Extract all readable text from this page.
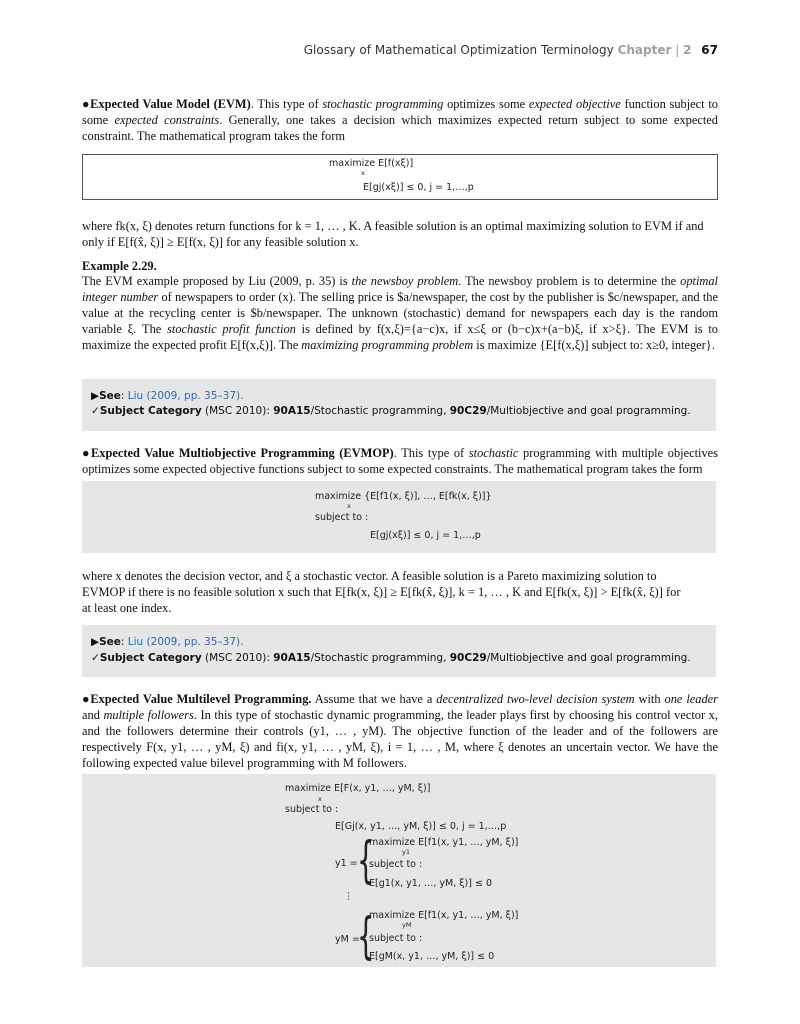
Glossary of Mathematical Optimization Terminology Chapter | 2 67
●Expected Value Model (EVM). This type of stochastic programming optimizes some expected objective function subject to some expected constraints. Generally, one takes a decision which maximizes expected return subject to some expected constraint. The mathematical program takes the form
maximize E[f(xξ)]
x
E[gj(xξ)] ≤ 0, j = 1,…,p
where fk(x, ξ) denotes return functions for k = 1, … , K. A feasible solution is an optimal maximizing solution to EVM if and
only if E[f(x̂, ξ)] ≥ E[f(x, ξ)] for any feasible solution x.
Example 2.29.
The EVM example proposed by Liu (2009, p. 35) is the newsboy problem. The newsboy problem is to determine the optimal integer number of newspapers to order (x). The selling price is $a/newspaper, the cost by the publisher is $c/newspaper, and the value at the recycling center is $b/newspaper. The unknown (stochastic) demand for newspapers each day is the random variable ξ. The stochastic profit function is defined by f(x,ξ)={a−c)x, if x≤ξ or (b−c)x+(a−b)ξ, if x>ξ}. The EVM is to maximize the expected profit E[f(x,ξ)]. The maximizing programming problem is maximize {E[f(x,ξ)] subject to: x≥0, integer}.
▶See: Liu (2009, pp. 35–37).
✓Subject Category (MSC 2010): 90A15/Stochastic programming, 90C29/Multiobjective and goal programming.
●Expected Value Multiobjective Programming (EVMOP). This type of stochastic programming with multiple objectives optimizes some expected objective functions subject to some expected constraints. The mathematical program takes the form
maximize {E[f1(x, ξ)], …, E[fk(x, ξ)]}
x
subject to :
E[gj(xξ)] ≤ 0, j = 1,…,p
where x denotes the decision vector, and ξ a stochastic vector. A feasible solution is a Pareto maximizing solution to
EVMOP if there is no feasible solution x such that E[fk(x, ξ)] ≥ E[fk(x̂, ξ)], k = 1, … , K and E[fk(x, ξ)] > E[fk(x̂, ξ)] for
at least one index.
▶See: Liu (2009, pp. 35–37).
✓Subject Category (MSC 2010): 90A15/Stochastic programming, 90C29/Multiobjective and goal programming.
●Expected Value Multilevel Programming. Assume that we have a decentralized two-level decision system with one leader and multiple followers. In this type of stochastic dynamic programming, the leader plays first by choosing his control vector x, and the followers determine their controls (y1, … , yM). The objective function of the leader and of the followers are respectively F(x, y1, … , yM, ξ) and fi(x, y1, … , yM, ξ), i = 1, … , M, where ξ denotes an uncertain vector. We have the following expected value bilevel programming with M followers.
maximize E[F(x, y1, …, yM, ξ)]
x
subject to :
E[Gj(x, y1, …, yM, ξ)] ≤ 0, j = 1,…,p
y1 = {
maximize E[f1(x, y1, …, yM, ξ)]
y1
subject to :
E[g1(x, y1, …, yM, ξ)] ≤ 0
⋮
yM =
{
maximize E[f1(x, y1, …, yM, ξ)]
yM
subject to :
E[gM(x, y1, …, yM, ξ)] ≤ 0
